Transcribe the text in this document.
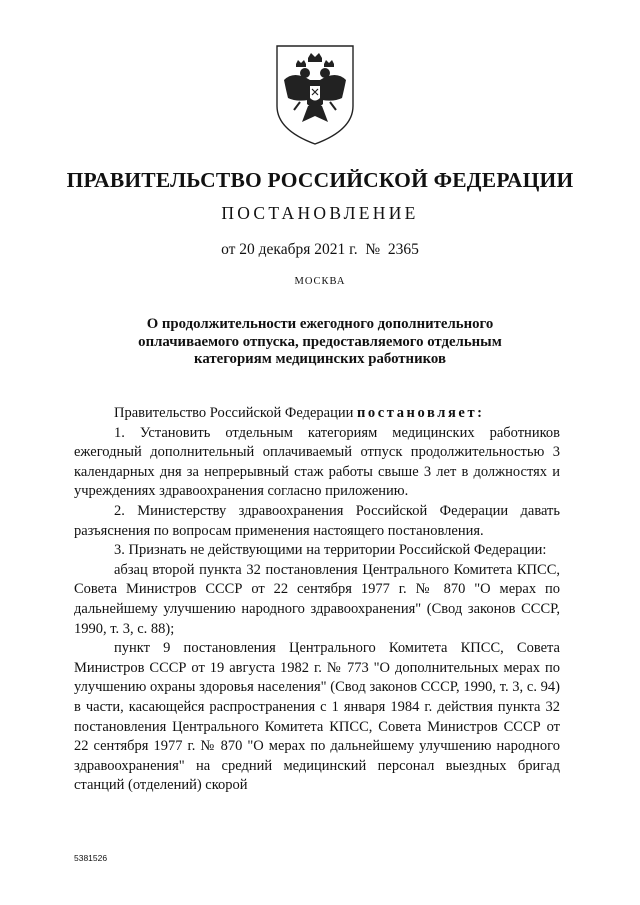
ПРАВИТЕЛЬСТВО РОССИЙСКОЙ ФЕДЕРАЦИИ
ПОСТАНОВЛЕНИЕ
от 20 декабря 2021 г. № 2365
МОСКВА
О продолжительности ежегодного дополнительного
оплачиваемого отпуска, предоставляемого отдельным
категориям медицинских работников

Правительство Российской Федерации постановляет:

1. Установить отдельным категориям медицинских работников ежегодный дополнительный оплачиваемый отпуск продолжительностью 3 календарных дня за непрерывный стаж работы свыше 3 лет в должностях и учреждениях здравоохранения согласно приложению.

2. Министерству здравоохранения Российской Федерации давать разъяснения по вопросам применения настоящего постановления.

3. Признать не действующими на территории Российской Федерации:

абзац второй пункта 32 постановления Центрального Комитета КПСС, Совета Министров СССР от 22 сентября 1977 г. № 870 "О мерах по дальнейшему улучшению народного здравоохранения" (Свод законов СССР, 1990, т. 3, с. 88);

пункт 9 постановления Центрального Комитета КПСС, Совета Министров СССР от 19 августа 1982 г. № 773 "О дополнительных мерах по улучшению охраны здоровья населения" (Свод законов СССР, 1990, т. 3, с. 94) в части, касающейся распространения с 1 января 1984 г. действия пункта 32 постановления Центрального Комитета КПСС, Совета Министров СССР от 22 сентября 1977 г. № 870 "О мерах по дальнейшему улучшению народного здравоохранения" на средний медицинский персонал выездных бригад станций (отделений) скорой

5381526
